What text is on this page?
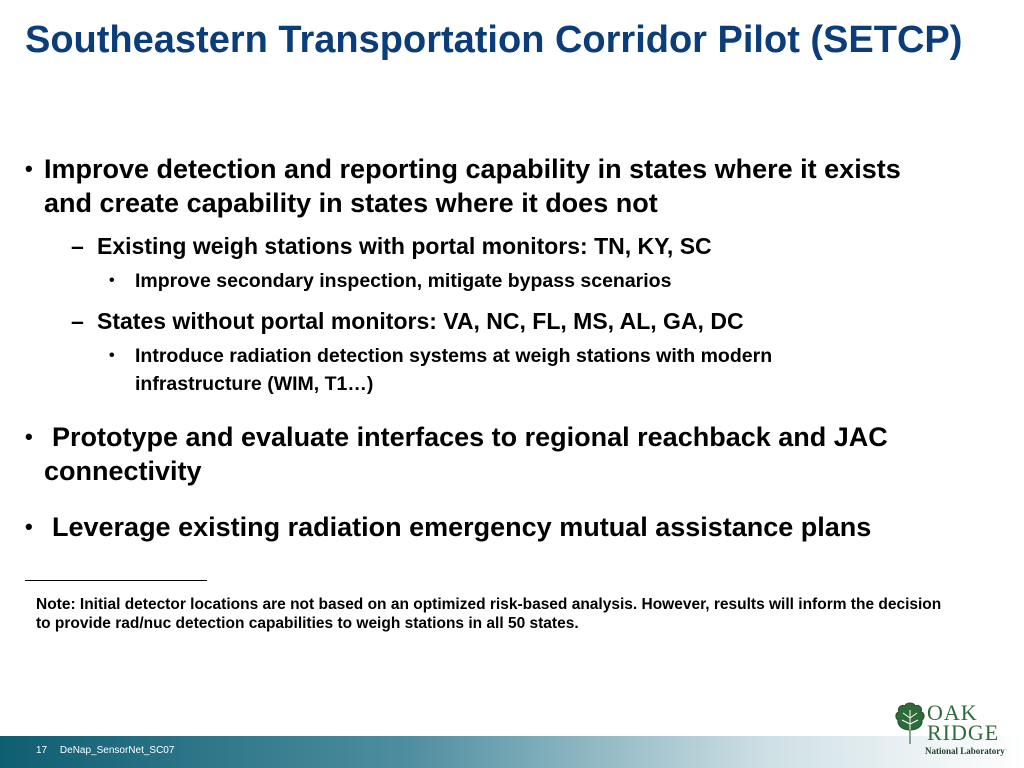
Southeastern Transportation Corridor Pilot (SETCP)
• Improve detection and reporting capability in states where it exists and create capability in states where it does not
– Existing weigh stations with portal monitors: TN, KY, SC
•	Improve secondary inspection, mitigate bypass scenarios
– States without portal monitors: VA, NC, FL, MS, AL, GA, DC
•	Introduce radiation detection systems at weigh stations with modern infrastructure (WIM, T1…)
• Prototype and evaluate interfaces to regional reachback and JAC connectivity
• Leverage existing radiation emergency mutual assistance plans
Note: Initial detector locations are not based on an optimized risk-based analysis. However, results will inform the decision to provide rad/nuc detection capabilities to weigh stations in all 50 states.
17 DeNap_SensorNet_SC07
OAK
RIDGE
National Laboratory
